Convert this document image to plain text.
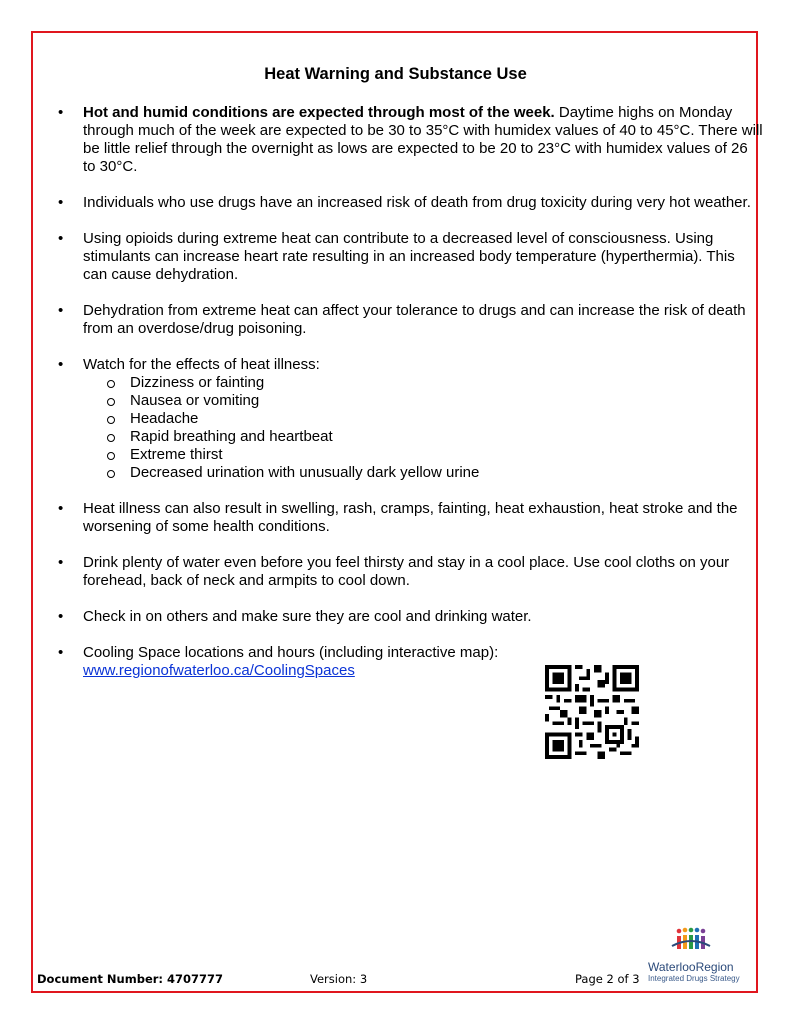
Heat Warning and Substance Use
• Hot and humid conditions are expected through most of the week. Daytime highs on Monday through much of the week are expected to be 30 to 35°C with humidex values of 40 to 45°C. There will be little relief through the overnight as lows are expected to be 20 to 23°C with humidex values of 26 to 30°C.
• Individuals who use drugs have an increased risk of death from drug toxicity during very hot weather.
• Using opioids during extreme heat can contribute to a decreased level of consciousness. Using stimulants can increase heart rate resulting in an increased body temperature (hyperthermia). This can cause dehydration.
• Dehydration from extreme heat can affect your tolerance to drugs and can increase the risk of death from an overdose/drug poisoning.
• Watch for the effects of heat illness:
Dizziness or fainting
Nausea or vomiting
Headache
Rapid breathing and heartbeat
Extreme thirst
Decreased urination with unusually dark yellow urine
• Heat illness can also result in swelling, rash, cramps, fainting, heat exhaustion, heat stroke and the worsening of some health conditions.
• Drink plenty of water even before you feel thirsty and stay in a cool place. Use cool cloths on your forehead, back of neck and armpits to cool down.
• Check in on others and make sure they are cool and drinking water.
• Cooling Space locations and hours (including interactive map):
www.regionofwaterloo.ca/CoolingSpaces
WaterlooRegion
Integrated Drugs Strategy
Document Number: 4707777	Version: 3	Page 2 of 3
